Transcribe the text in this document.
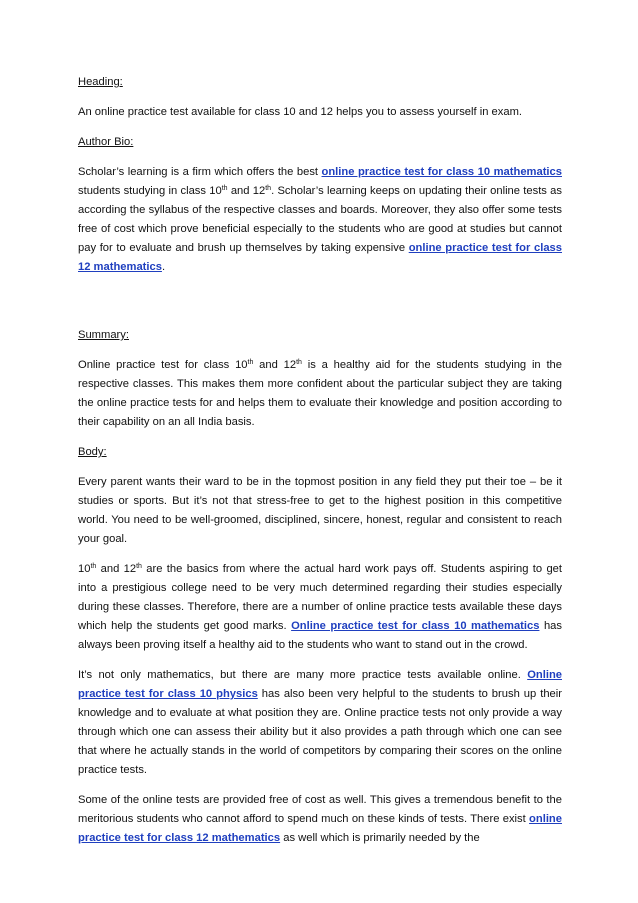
Heading:

An online practice test available for class 10 and 12 helps you to assess yourself in exam.

Author Bio:

Scholar’s learning is a firm which offers the best online practice test for class 10 mathematics students studying in class 10th and 12th. Scholar’s learning keeps on updating their online tests as according the syllabus of the respective classes and boards. Moreover, they also offer some tests free of cost which prove beneficial especially to the students who are good at studies but cannot pay for to evaluate and brush up themselves by taking expensive online practice test for class 12 mathematics.

Summary:

Online practice test for class 10th and 12th is a healthy aid for the students studying in the respective classes. This makes them more confident about the particular subject they are taking the online practice tests for and helps them to evaluate their knowledge and position according to their capability on an all India basis.

Body:

Every parent wants their ward to be in the topmost position in any field they put their toe – be it studies or sports. But it’s not that stress-free to get to the highest position in this competitive world. You need to be well-groomed, disciplined, sincere, honest, regular and consistent to reach your goal.

10th and 12th are the basics from where the actual hard work pays off. Students aspiring to get into a prestigious college need to be very much determined regarding their studies especially during these classes. Therefore, there are a number of online practice tests available these days which help the students get good marks. Online practice test for class 10 mathematics has always been proving itself a healthy aid to the students who want to stand out in the crowd.

It’s not only mathematics, but there are many more practice tests available online. Online practice test for class 10 physics has also been very helpful to the students to brush up their knowledge and to evaluate at what position they are. Online practice tests not only provide a way through which one can assess their ability but it also provides a path through which one can see that where he actually stands in the world of competitors by comparing their scores on the online practice tests.

Some of the online tests are provided free of cost as well. This gives a tremendous benefit to the meritorious students who cannot afford to spend much on these kinds of tests. There exist online practice test for class 12 mathematics as well which is primarily needed by the
